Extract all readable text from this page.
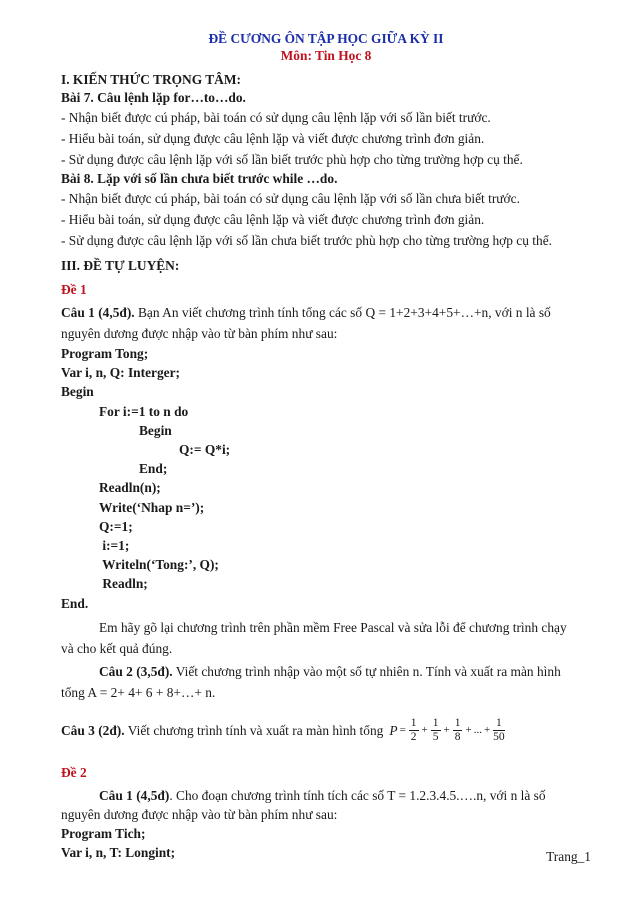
ĐỀ CƯƠNG ÔN TẬP HỌC GIỮA KỲ II
Môn: Tin Học 8
I. KIẾN THỨC TRỌNG TÂM:
Bài 7. Câu lệnh lặp for…to…do.
- Nhận biết được cú pháp, bài toán có sử dụng câu lệnh lặp với số lần biết trước.
- Hiểu bài toán, sử dụng được câu lệnh lặp và viết được chương trình đơn giản.
- Sử dụng được câu lệnh lặp với số lần biết trước phù hợp cho từng trường hợp cụ thể.
Bài 8. Lặp với số lần chưa biết trước while …do.
- Nhận biết được cú pháp, bài toán có sử dụng câu lệnh lặp với số lần chưa biết trước.
- Hiểu bài toán, sử dụng được câu lệnh lặp và viết được chương trình đơn giản.
- Sử dụng được câu lệnh lặp với số lần chưa biết trước phù hợp cho từng trường hợp cụ thể.
III. ĐỀ TỰ LUYỆN:
Đề 1
Câu 1 (4,5đ). Bạn An viết chương trình tính tổng các số Q = 1+2+3+4+5+…+n, với n là số
nguyên dương được nhập vào từ bàn phím như sau:
Program Tong;
Var i, n, Q: Interger;
Begin
For i:=1 to n do
Begin
Q:= Q*i;
End;
Readln(n);
Write(‘Nhap n=’);
Q:=1;
i:=1;
Writeln(‘Tong:’, Q);
Readln;
End.
Em hãy gõ lại chương trình trên phần mềm Free Pascal và sửa lỗi để chương trình chạy
và cho kết quả đúng.
Câu 2 (3,5đ). Viết chương trình nhập vào một số tự nhiên n. Tính và xuất ra màn hình
tổng A = 2+ 4+ 6 + 8+…+ n.
Câu 3 (2đ). Viết chương trình tính và xuất ra màn hình tổng $P = \frac{1}{2} + \frac{1}{5} + \frac{1}{8}$ + ... + $\frac{1}{50}$
Đề 2
Câu 1 (4,5đ). Cho đoạn chương trình tính tích các số T = 1.2.3.4.5.….n, với n là số
nguyên dương được nhập vào từ bàn phím như sau:
Program Tich;
Var i, n, T: Longint;	Trang_1
